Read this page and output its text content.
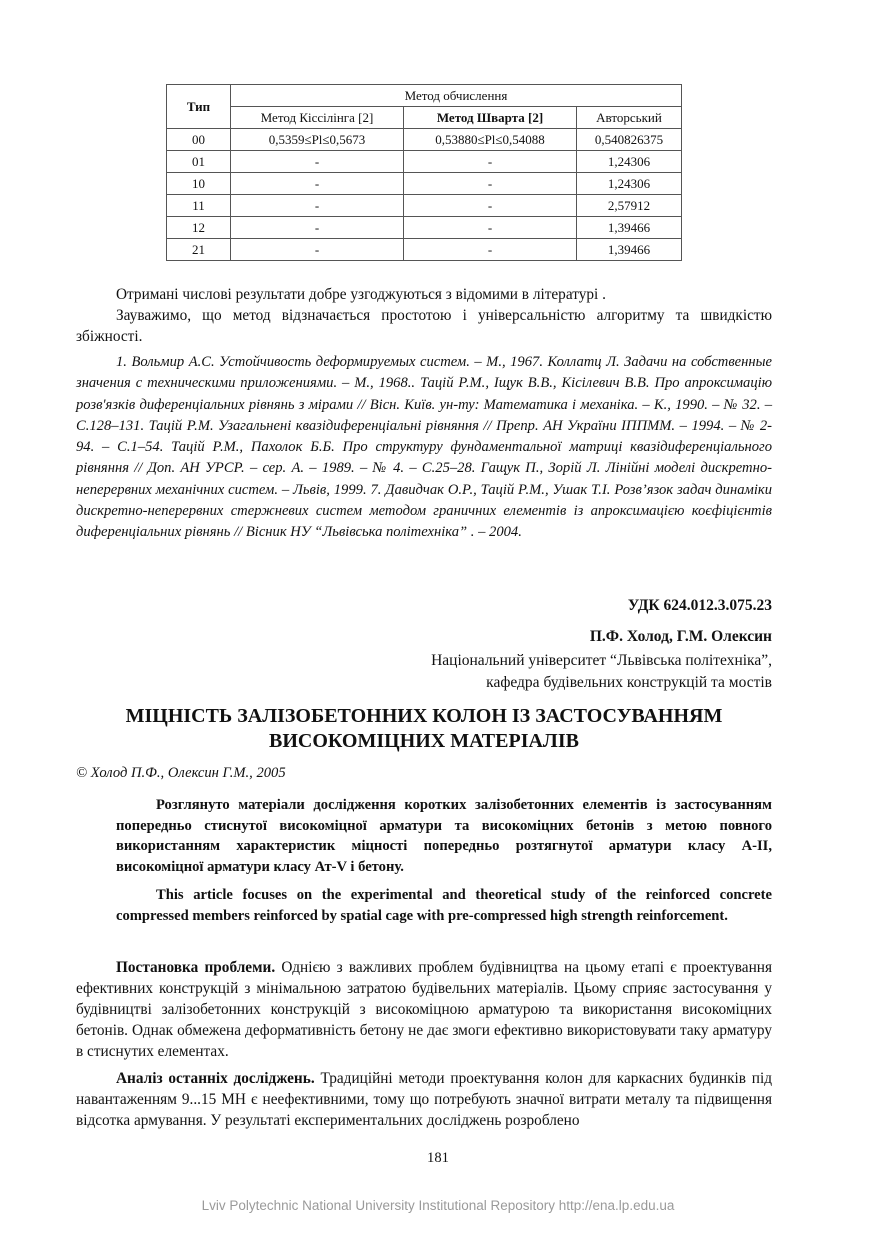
Тип	Метод обчислення		
	Метод Кіссілінга [2]	Метод Шварта [2]	Авторський
00	0,5359≤Pl≤0,5673	0,53880≤Pl≤0,54088	0,540826375
01	-	-	1,24306
10	-	-	1,24306
11	-	-	2,57912
12	-	-	1,39466
21	-	-	1,39466

Отримані числові результати добре узгоджуються з відомими в літературі .

Зауважимо, що метод відзначається простотою і універсальністю алгоритму та швидкістю збіжності.

1. Вольмир А.С. Устойчивость деформируемых систем. – М., 1967. Коллатц Л. Задачи на собственные значения с техническими приложениями. – М., 1968.. Тацій Р.М., Іщук В.В., Кісілевич В.В. Про апроксимацію розв'язків диференціальних рівнянь з мірами // Вісн. Київ. ун-ту: Математика і механіка. – К., 1990. – № 32. – С.128–131. Тацій Р.М. Узагальнені квазідиференціальні рівняння // Препр. АН України ІППММ. – 1994. – № 2-94. – С.1–54. Тацій Р.М., Пахолок Б.Б. Про структуру фундаментальної матриці квазідиференціального рівняння // Доп. АН УРСР. – сер. А. – 1989. – № 4. – С.25–28. Гащук П., Зорій Л. Лінійні моделі дискретно-неперервних механічних систем. – Львів, 1999. 7. Давидчак О.Р., Тацій Р.М., Ушак Т.І. Розв’язок задач динаміки дискретно-неперервних стержневих систем методом граничних елементів із апроксимацією коєфіцієнтів диференціальних рівнянь // Вісник НУ “Львівська політехніка” . – 2004.

УДК 624.012.3.075.23
П.Ф. Холод, Г.М. Олексин
Національний університет “Львівська політехніка”,
кафедра будівельних конструкцій та мостів
МІЦНІСТЬ ЗАЛІЗОБЕТОННИХ КОЛОН ІЗ ЗАСТОСУВАННЯМ
ВИСОКОМІЦНИХ МАТЕРІАЛІВ
© Холод П.Ф., Олексин Г.М., 2005

Розглянуто матеріали дослідження коротких залізобетонних елементів із застосуванням попередньо стиснутої високоміцної арматури та високоміцних бетонів з метою повного використанням характеристик міцності попередньо розтягнутої арматури класу А-ІІ, високоміцної арматури класу Ат-V і бетону.

This article focuses on the experimental and theoretical study of the reinforced concrete compressed members reinforced by spatial cage with pre-compressed high strength reinforcement.

Постановка проблеми. Однією з важливих проблем будівництва на цьому етапі є проектування ефективних конструкцій з мінімальною затратою будівельних матеріалів. Цьому сприяє застосування у будівництві залізобетонних конструкцій з високоміцною арматурою та використання високоміцних бетонів. Однак обмежена деформативність бетону не дає змоги ефективно використовувати таку арматуру в стиснутих елементах.

Аналіз останніх досліджень. Традиційні методи проектування колон для каркасних будинків під навантаженням 9...15 МН є неефективними, тому що потребують значної витрати металу та підвищення відсотка армування. У результаті експериментальних досліджень розроблено

181
Lviv Polytechnic National University Institutional Repository http://ena.lp.edu.ua
